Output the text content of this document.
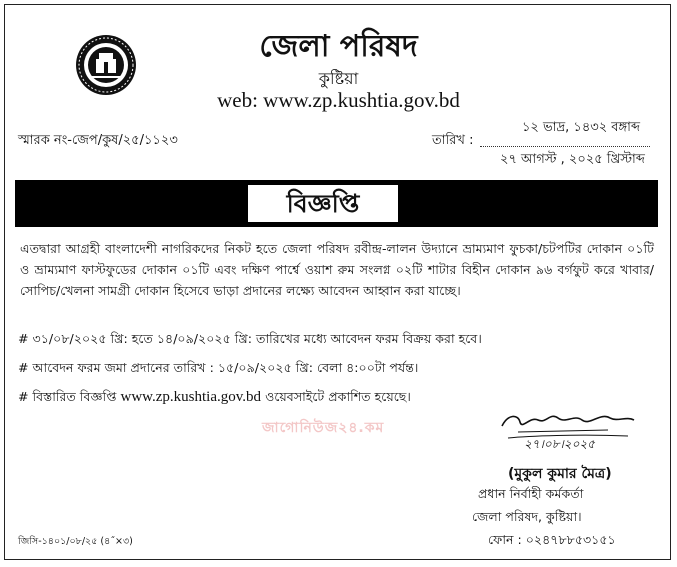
জেলা পরিষদ
কুষ্টিয়া
web: www.zp.kushtia.gov.bd
স্মারক নং-জেপ/কুষ/২৫/১১২৩	তারিখ :
১২ ভাদ্র, ১৪৩২ বঙ্গাব্দ
২৭ আগস্ট , ২০২৫ খ্রিস্টাব্দ
বিজ্ঞপ্তি
এতদ্বারা আগ্রহী বাংলাদেশী নাগরিকদের নিকট হতে জেলা পরিষদ রবীন্দ্র-লালন উদ্যানে ভ্রাম্যমাণ ফুচকা/চটপটির দোকান ০১টি ও ভ্রাম্যমাণ ফাস্টফুডের দোকান ০১টি এবং দক্ষিণ পার্শ্বে ওয়াশ রুম সংলগ্ন ০২টি শাটার বিহীন দোকান ৯৬ বর্গফুট করে খাবার/সোপিচ/খেলনা সামগ্রী দোকান হিসেবে ভাড়া প্রদানের লক্ষ্যে আবেদন আহ্বান করা যাচ্ছে।
# ৩১/০৮/২০২৫ খ্রি: হতে ১৪/০৯/২০২৫ খ্রি: তারিখের মধ্যে আবেদন ফরম বিক্রয় করা হবে।
# আবেদন ফরম জমা প্রদানের তারিখ : ১৫/০৯/২০২৫ খ্রি: বেলা ৪:০০টা পর্যন্ত।
# বিস্তারিত বিজ্ঞপ্তি www.zp.kushtia.gov.bd ওয়েবসাইটে প্রকাশিত হয়েছে।
জাগোনিউজ২৪.কম
২৭।০৮।২০২৫
(মুকুল কুমার মৈত্র)
প্রধান নির্বাহী কর্মকর্তা
জেলা পরিষদ, কুষ্টিয়া।
ফোন : ০২৪৭৮৮৫৩১৫১
জিসি-১৪০১/০৮/২৫ (৪˝×৩)
